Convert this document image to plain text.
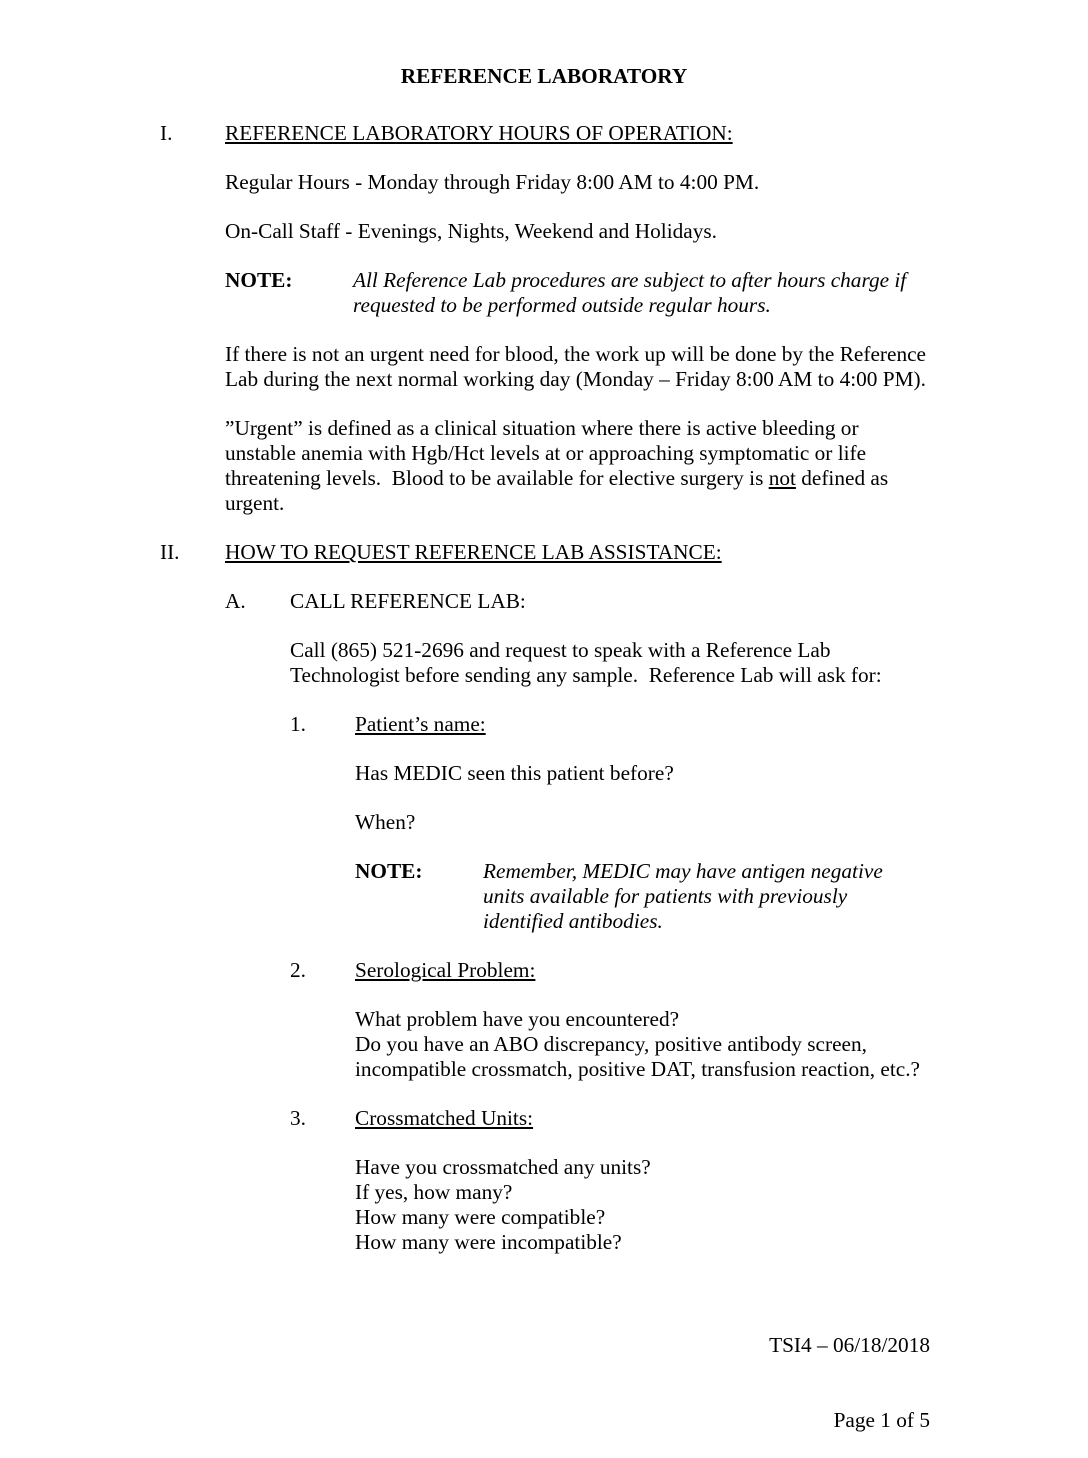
REFERENCE LABORATORY
I.	REFERENCE LABORATORY HOURS OF OPERATION:
Regular Hours - Monday through Friday 8:00 AM to 4:00 PM.
On-Call Staff - Evenings, Nights, Weekend and Holidays.
NOTE:	All Reference Lab procedures are subject to after hours charge if
requested to be performed outside regular hours.
If there is not an urgent need for blood, the work up will be done by the Reference
Lab during the next normal working day (Monday – Friday 8:00 AM to 4:00 PM).
”Urgent” is defined as a clinical situation where there is active bleeding or
unstable anemia with Hgb/Hct levels at or approaching symptomatic or life
threatening levels.  Blood to be available for elective surgery is not defined as
urgent.
II.	HOW TO REQUEST REFERENCE LAB ASSISTANCE:
A.	CALL REFERENCE LAB:
Call (865) 521-2696 and request to speak with a Reference Lab
Technologist before sending any sample.  Reference Lab will ask for:
1.	Patient’s name:
Has MEDIC seen this patient before?
When?
NOTE:	Remember, MEDIC may have antigen negative
units available for patients with previously
identified antibodies.
2.	Serological Problem:
What problem have you encountered?
Do you have an ABO discrepancy, positive antibody screen,
incompatible crossmatch, positive DAT, transfusion reaction, etc.?
3.	Crossmatched Units:
Have you crossmatched any units?
If yes, how many?
How many were compatible?
How many were incompatible?

TSI4 – 06/18/2018

Page 1 of 5
